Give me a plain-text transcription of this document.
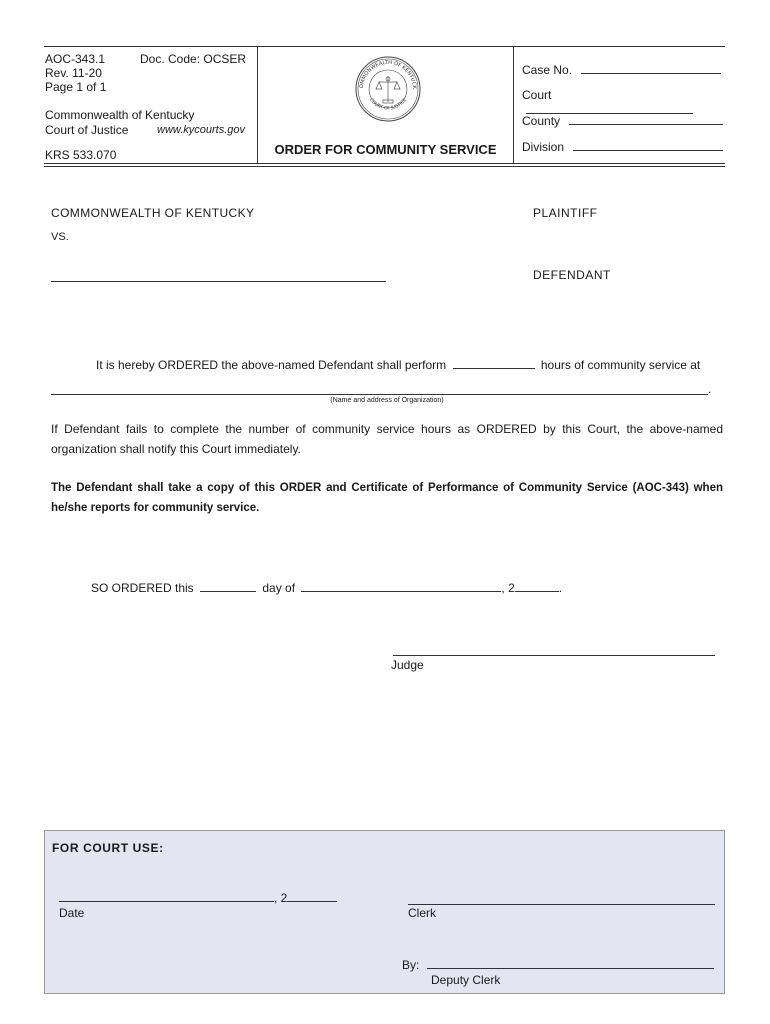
AOC-343.1	Doc. Code: OCSER
Rev. 11-20
Page 1 of 1
Commonwealth of Kentucky
Court of Justice	www.kycourts.gov
KRS 533.070
OMMONWEALTH OF KENTUCK
COURT OF JUSTICE
ORDER FOR COMMUNITY SERVICE
Case No.
Court
County
Division
COMMONWEALTH OF KENTUCKY	PLAINTIFF
VS.
DEFENDANT
It is hereby ORDERED the above-named Defendant shall perform	hours of community service at
.
(Name and address of Organization)
If Defendant fails to complete the number of community service hours as ORDERED by this Court, the above-named organization shall notify this Court immediately.
The Defendant shall take a copy of this ORDER and Certificate of Performance of Community Service (AOC-343) when he/she reports for community service.
SO ORDERED this	day of	, 2	.
Judge
FOR COURT USE:
, 2
Date	Clerk
By:
Deputy Clerk
